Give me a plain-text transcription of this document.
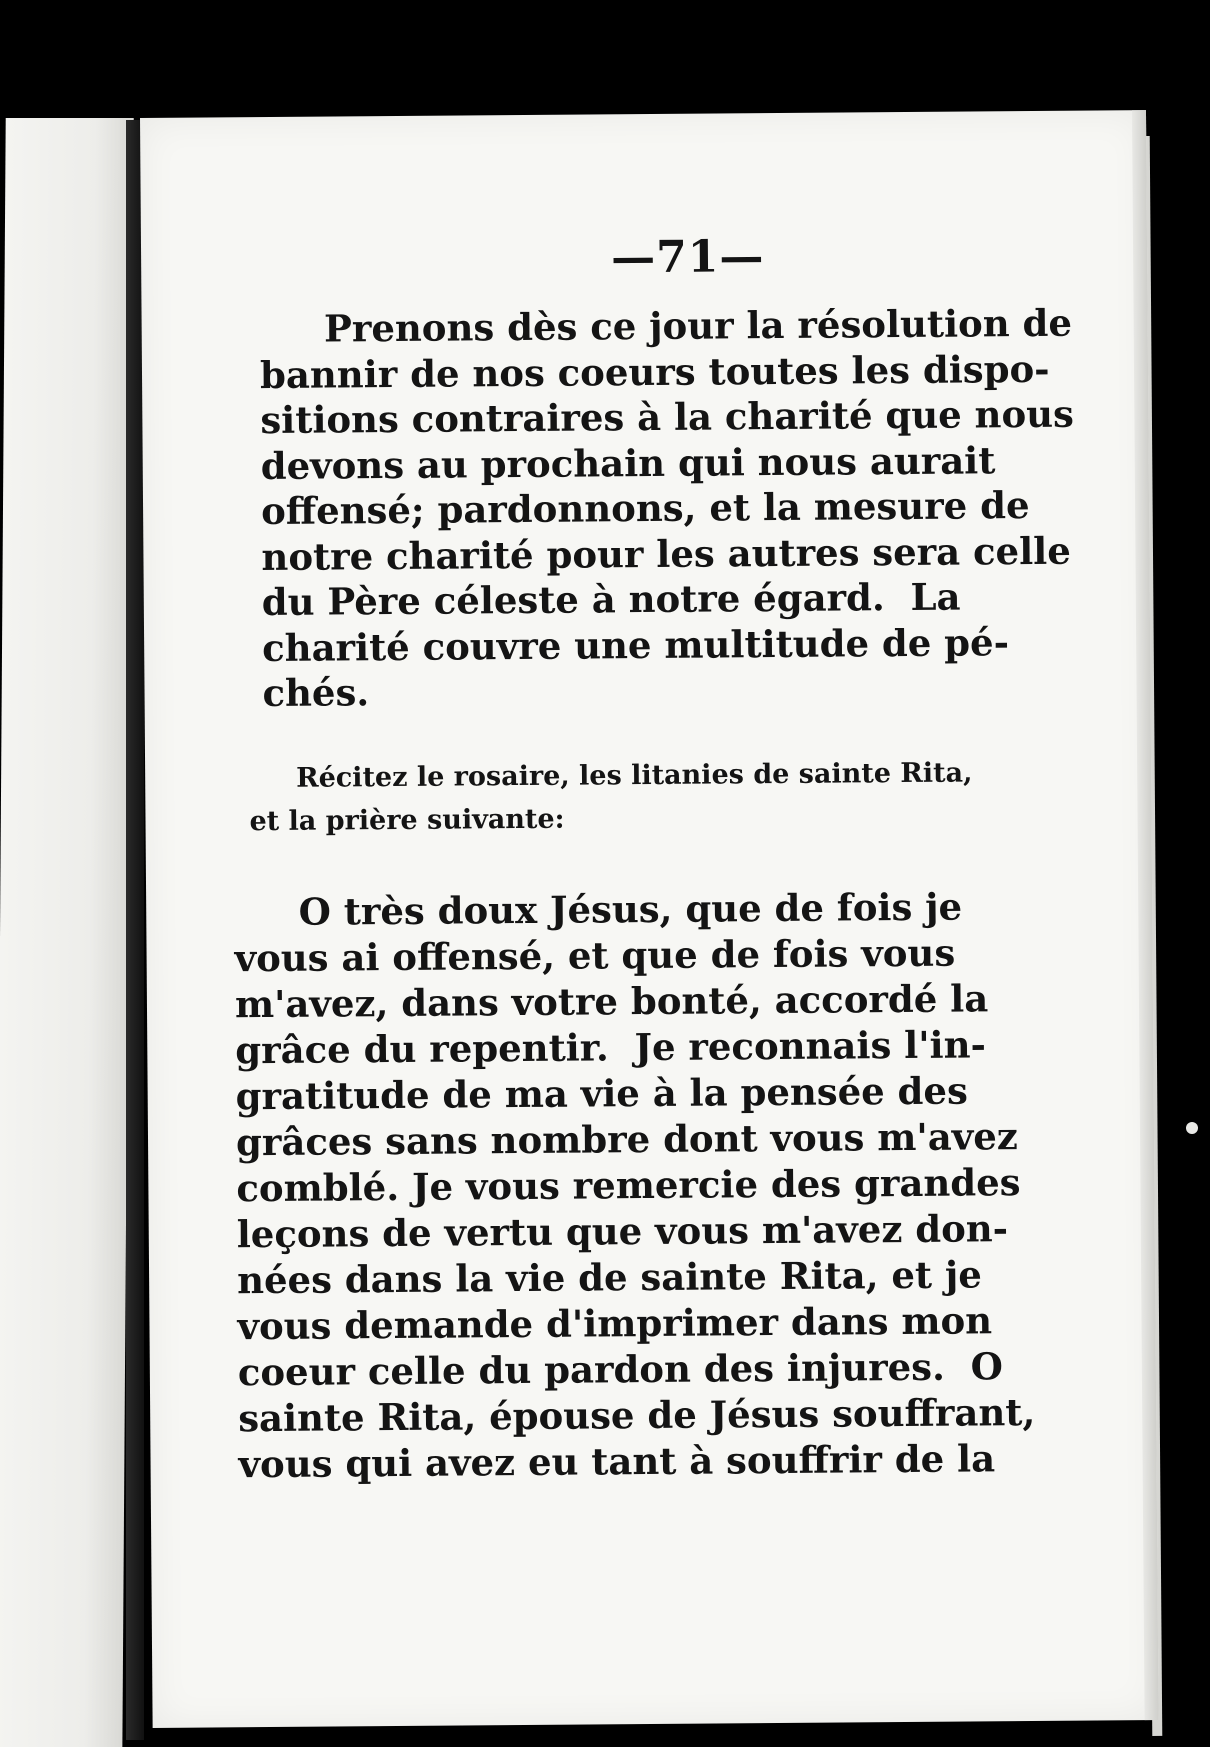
—71—
Prenons dès ce jour la résolution de
bannir de nos coeurs toutes les dispo-
sitions contraires à la charité que nous
devons au prochain qui nous aurait
offensé; pardonnons, et la mesure de
notre charité pour les autres sera celle
du Père céleste à notre égard.  La
charité couvre une multitude de pé-
chés.
Récitez le rosaire, les litanies de sainte Rita,
et la prière suivante:
O très doux Jésus, que de fois je
vous ai offensé, et que de fois vous
m'avez, dans votre bonté, accordé la
grâce du repentir.  Je reconnais l'in-
gratitude de ma vie à la pensée des
grâces sans nombre dont vous m'avez
comblé. Je vous remercie des grandes
leçons de vertu que vous m'avez don-
nées dans la vie de sainte Rita, et je
vous demande d'imprimer dans mon
coeur celle du pardon des injures.  O
sainte Rita, épouse de Jésus souffrant,
vous qui avez eu tant à souffrir de la
